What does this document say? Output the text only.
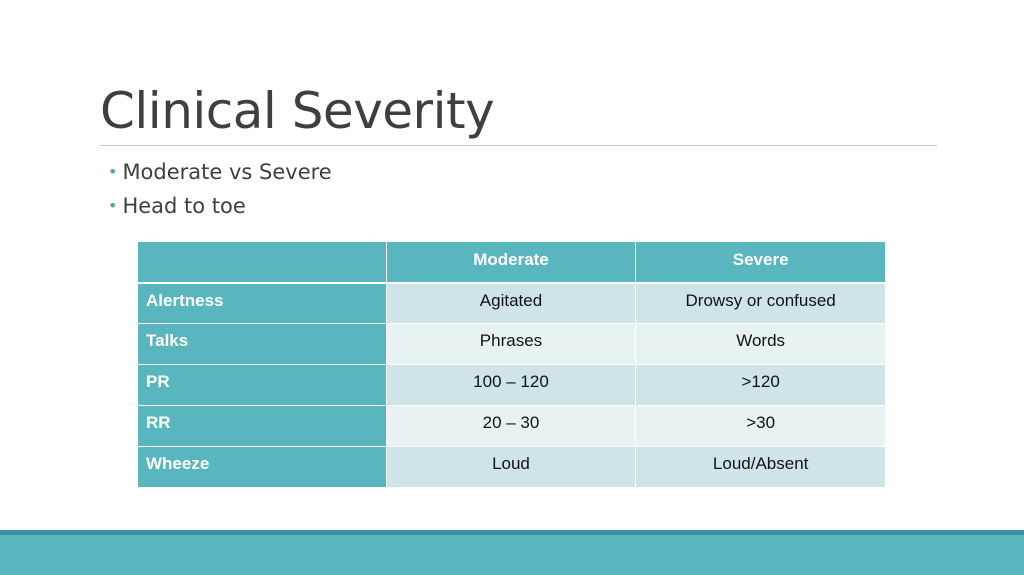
Clinical Severity
• Moderate vs Severe
• Head to toe
	Moderate	Severe
Alertness	Agitated	Drowsy or confused
Talks	Phrases	Words
PR	100 – 120	>120
RR	20 – 30	>30
Wheeze	Loud	Loud/Absent
